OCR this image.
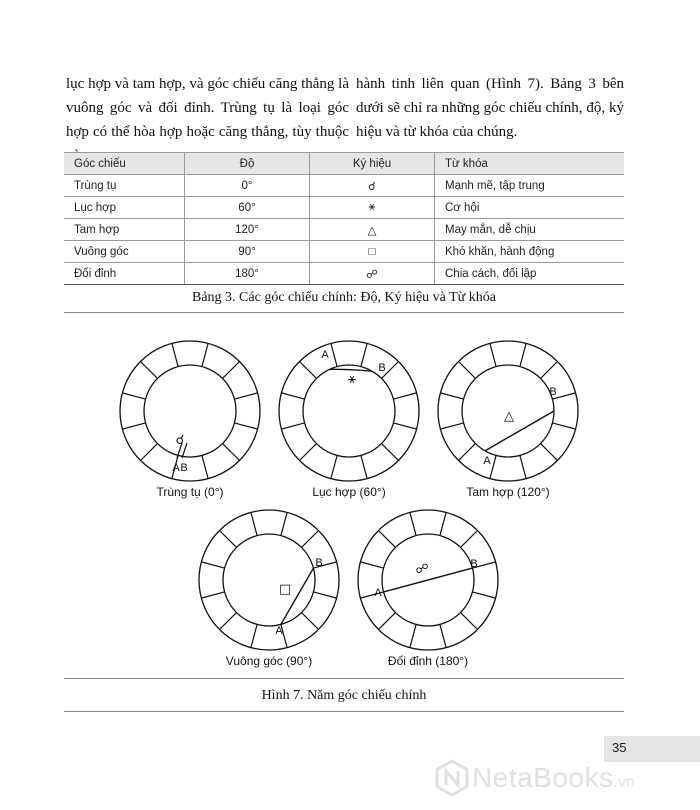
lục hợp và tam hợp, và góc chiếu căng thẳng là vuông góc và đối đỉnh. Trùng tụ là loại góc hợp có thể hòa hợp hoặc căng thẳng, tùy thuộc

hành tinh liên quan (Hình 7). Bảng 3 bên dưới sẽ chỉ ra những góc chiếu chính, độ, ký hiệu và từ khóa của chúng.

Góc chiếu	Độ	Ký hiệu	Từ khóa
Trùng tụ	0°	☌	Mạnh mẽ, tập trung
Lục hợp	60°	⚹	Cơ hội
Tam hợp	120°	△	May mắn, dễ chịu
Vuông góc	90°	□	Khó khăn, hành động
Đối đỉnh	180°	☍	Chia cách, đối lập
Bảng 3. Các góc chiếu chính: Độ, Ký hiệu và Từ khóa
☌
A B
⚹
A
B
△
A
B
□
A
B	☍
A
B
Trùng tụ (0°)	Lục hợp (60°)	Tam hợp (120°)
Vuông góc (90°)	Đối đỉnh (180°)
Hình 7. Năm góc chiếu chính
35
NetaBooks .vn
